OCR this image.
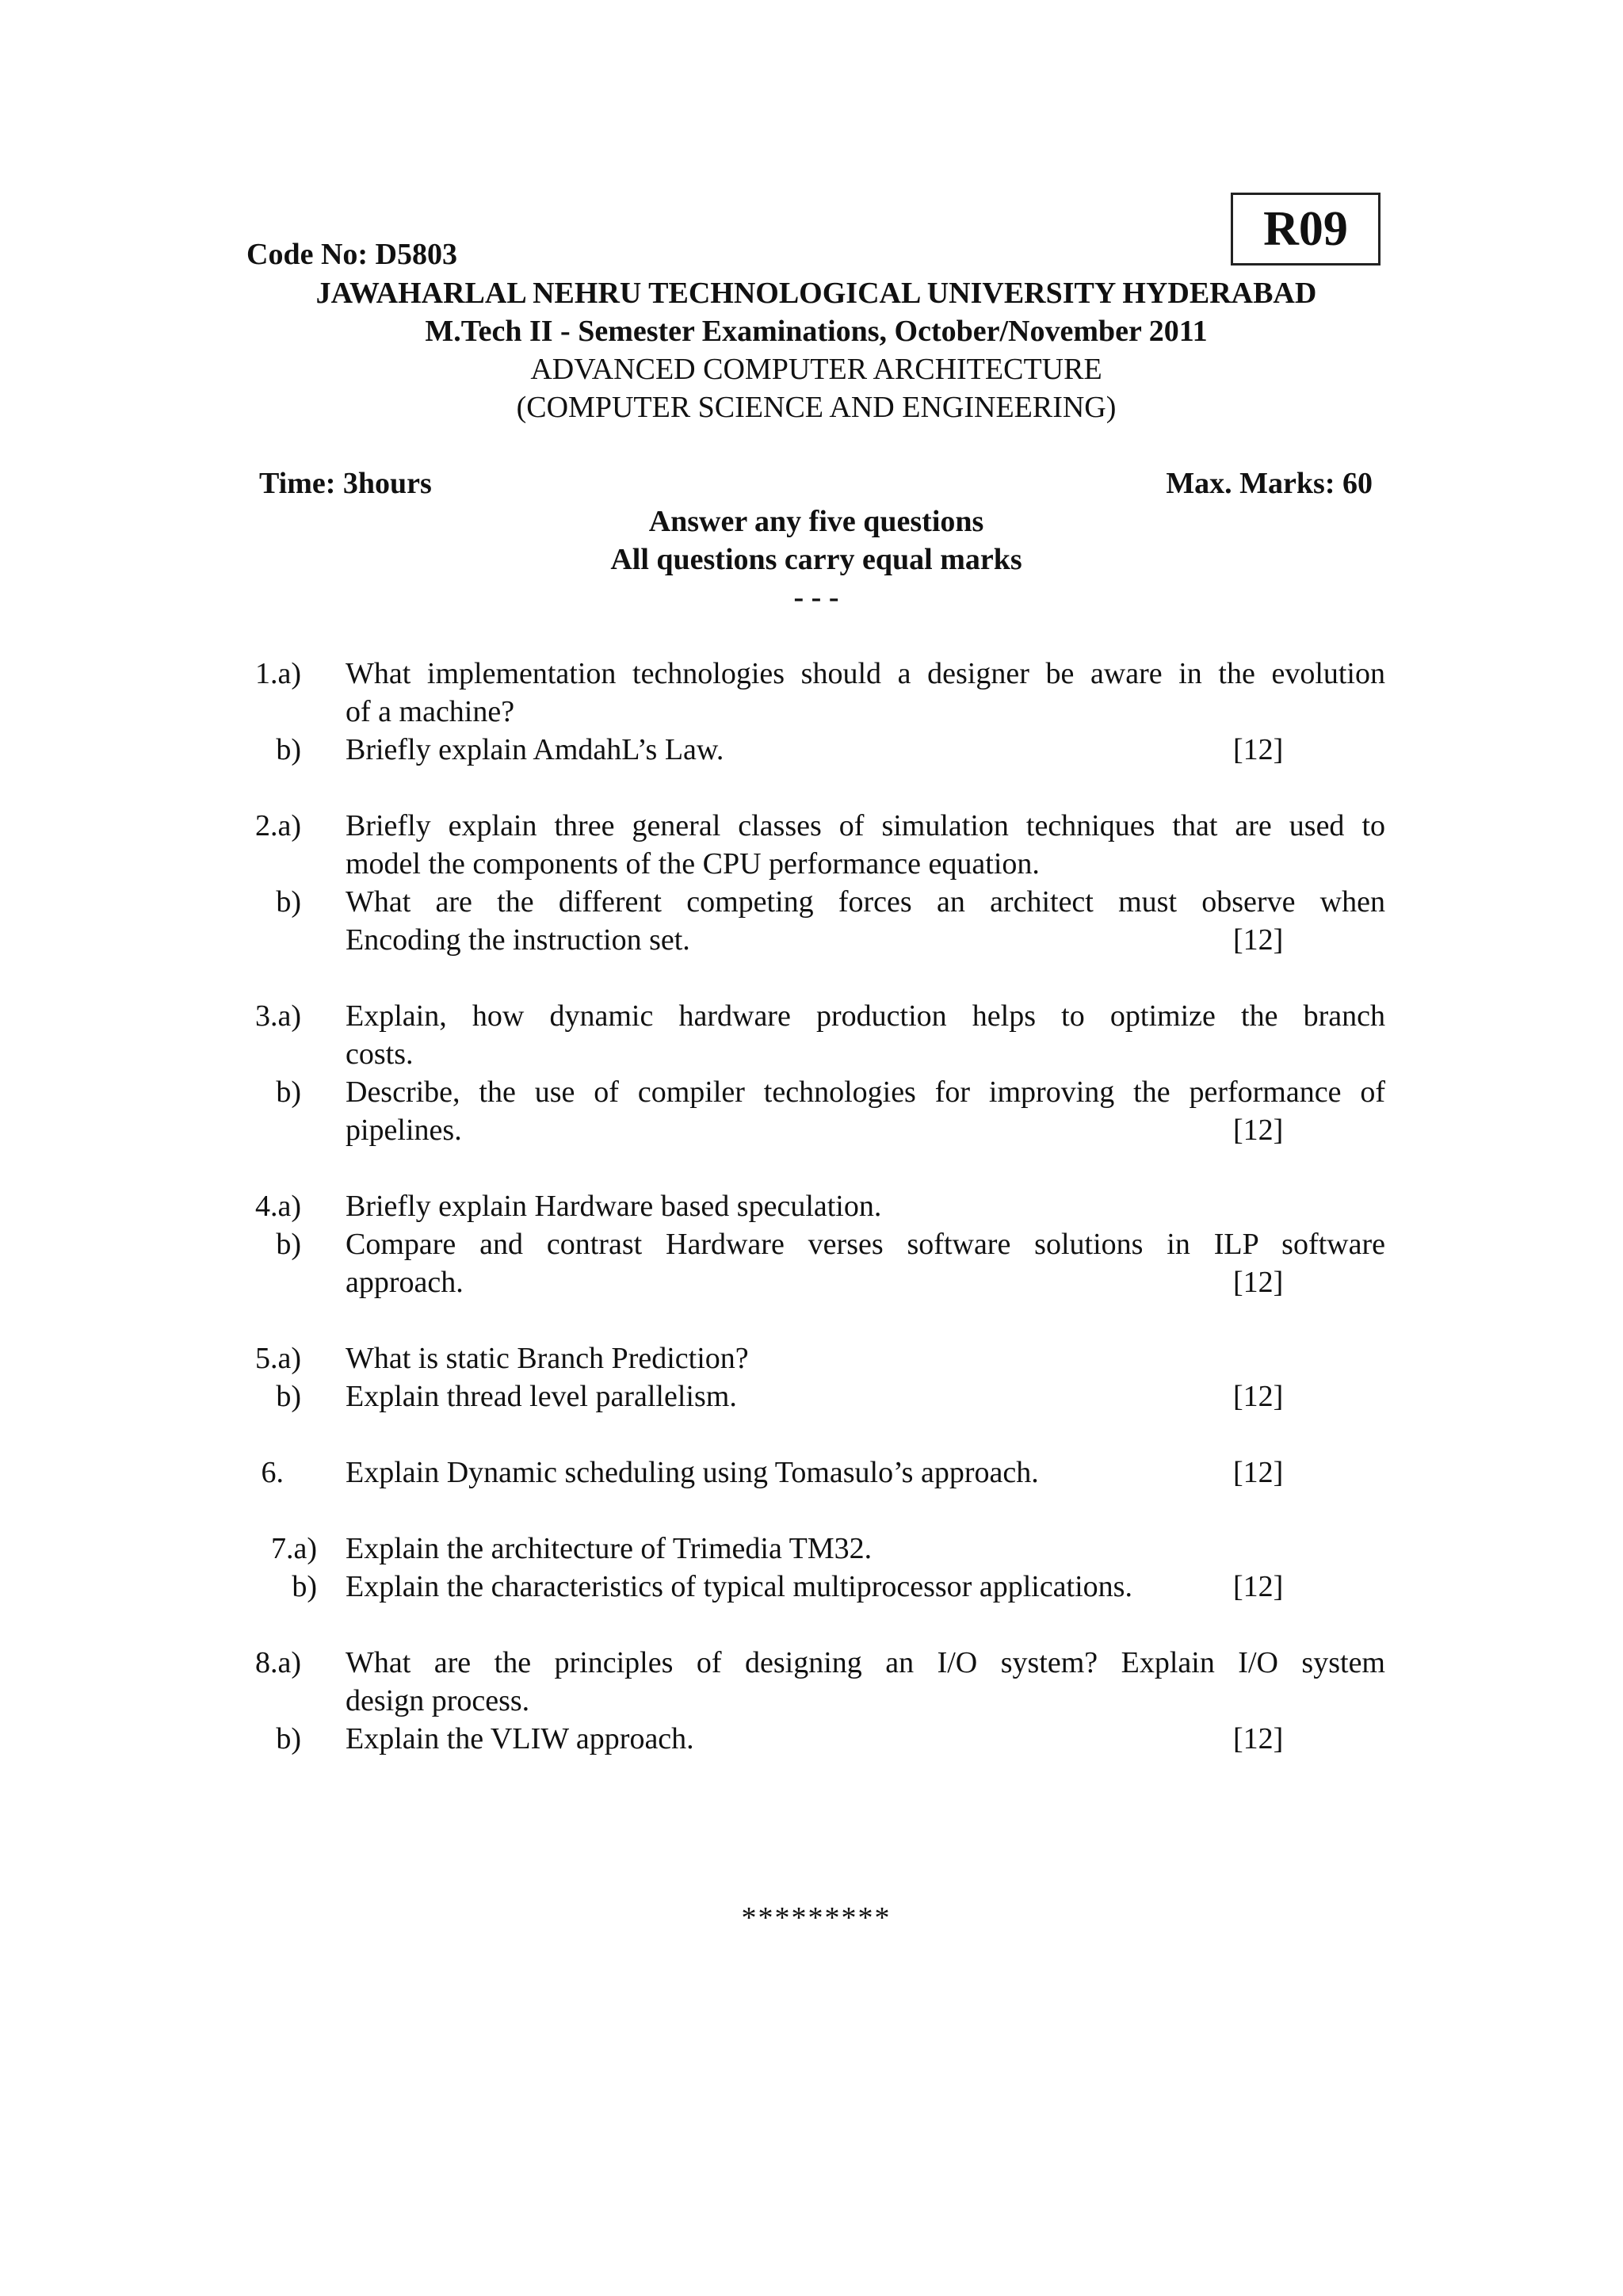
Code No: D5803	R09
JAWAHARLAL NEHRU TECHNOLOGICAL UNIVERSITY HYDERABAD
M.Tech II - Semester Examinations, October/November 2011
ADVANCED COMPUTER ARCHITECTURE
(COMPUTER SCIENCE AND ENGINEERING)
Time: 3hours	Max. Marks: 60
Answer any five questions
All questions carry equal marks
- - -
1.a) What implementation technologies should a designer be aware in the evolution
of a machine?
b) Briefly explain AmdahL’s Law.	[12]
2.a) Briefly explain three general classes of simulation techniques that are used to
model the components of the CPU performance equation.
b) What are the different competing forces an architect must observe when
Encoding the instruction set.	[12]
3.a) Explain, how dynamic hardware production helps to optimize the branch
costs.
b) Describe, the use of compiler technologies for improving the performance of
pipelines.	[12]
4.a) Briefly explain Hardware based speculation.
b) Compare and contrast Hardware verses software solutions in ILP software
approach.	[12]
5.a) What is static Branch Prediction?
b) Explain thread level parallelism.	[12]
6. Explain Dynamic scheduling using Tomasulo’s approach.	[12]
7.a) Explain the architecture of Trimedia TM32.
b) Explain the characteristics of typical multiprocessor applications.	[12]
8.a) What are the principles of designing an I/O system? Explain I/O system
design process.
b) Explain the VLIW approach.	[12]
*********
